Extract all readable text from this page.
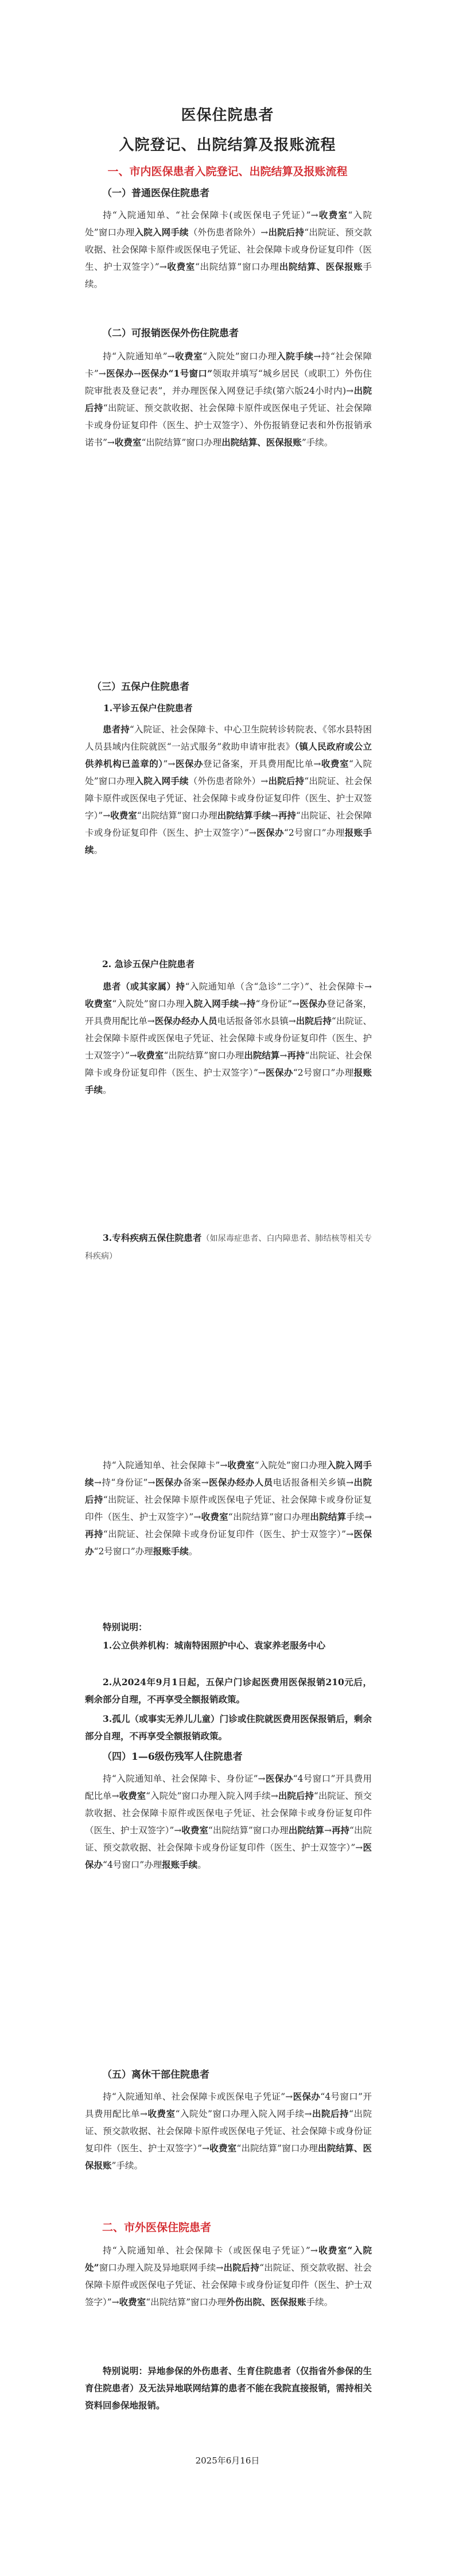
医保住院患者
入院登记、出院结算及报账流程
一、市内医保患者入院登记、出院结算及报账流程
（一）普通医保住院患者
持“入院通知单、“社会保障卡(或医保电子凭证）”→收费室“入院处”窗口办理入院入网手续（外伤患者除外）→出院后持“出院证、预交款收据、社会保障卡原件或医保电子凭证、社会保障卡或身份证复印件（医生、护士双签字）”→收费室“出院结算”窗口办理出院结算、医保报账手续。
（二）可报销医保外伤住院患者
持“入院通知单”→收费室“入院处”窗口办理入院手续→持“社会保障卡”→医保办→医保办“1号窗口”领取并填写“城乡居民（或职工）外伤住院审批表及登记表”，并办理医保入网登记手续(第六版24小时内)→出院后持“出院证、预交款收据、社会保障卡原件或医保电子凭证、社会保障卡或身份证复印件（医生、护士双签字）、外伤报销登记表和外伤报销承诺书”→收费室“出院结算”窗口办理出院结算、医保报账”手续。
（三）五保户住院患者
1.平诊五保户住院患者
患者持“入院证、社会保障卡、中心卫生院转诊转院表、《邻水县特困人员县域内住院就医“一站式服务”救助申请审批表》（镇人民政府或公立供养机构已盖章的）”→医保办登记备案，开具费用配比单→收费室“入院处”窗口办理入院入网手续（外伤患者除外）→出院后持“出院证、社会保障卡原件或医保电子凭证、社会保障卡或身份证复印件（医生、护士双签字）”→收费室“出院结算”窗口办理出院结算手续→再持“出院证、社会保障卡或身份证复印件（医生、护士双签字）”→医保办“2号窗口”办理报账手续。
2. 急诊五保户住院患者
患者（或其家属）持“入院通知单（含“急诊”二字）”、社会保障卡→收费室“入院处”窗口办理入院入网手续→持“身份证”→医保办登记备案，开具费用配比单→医保办经办人员电话报备邻水县镇→出院后持“出院证、社会保障卡原件或医保电子凭证、社会保障卡或身份证复印件（医生、护士双签字）”→收费室“出院结算”窗口办理出院结算→再持“出院证、社会保障卡或身份证复印件（医生、护士双签字）”→医保办“2号窗口”办理报账手续。
3.专科疾病五保住院患者（如尿毒症患者、白内障患者、肺结核等相关专科疾病）
持“入院通知单、社会保障卡”→收费室“入院处”窗口办理入院入网手续→持“身份证”→医保办备案→医保办经办人员电话报备相关乡镇→出院后持“出院证、社会保障卡原件或医保电子凭证、社会保障卡或身份证复印件（医生、护士双签字）”→收费室“出院结算”窗口办理出院结算手续→再持“出院证、社会保障卡或身份证复印件（医生、护士双签字）”→医保办“2号窗口”办理报账手续。
特别说明：
1.公立供养机构：城南特困照护中心、袁家养老服务中心
2.从2024年9月1日起，五保户门诊起医费用医保报销210元后，剩余部分自理，不再享受全额报销政策。
3.孤儿（或事实无养儿儿童）门诊或住院就医费用医保报销后，剩余部分自理，不再享受全额报销政策。
（四）1—6级伤残军人住院患者
持“入院通知单、社会保障卡、身份证”→医保办“4号窗口”开具费用配比单→收费室“入院处”窗口办理入院入网手续→出院后持“出院证、预交款收据、社会保障卡原件或医保电子凭证、社会保障卡或身份证复印件（医生、护士双签字）”→收费室“出院结算”窗口办理出院结算→再持“出院证、预交款收据、社会保障卡或身份证复印件（医生、护士双签字）”→医保办“4号窗口”办理报账手续。
（五）离休干部住院患者
持“入院通知单、社会保障卡或医保电子凭证”→医保办“4号窗口”开具费用配比单→收费室“入院处”窗口办理入院入网手续→出院后持“出院证、预交款收据、社会保障卡原件或医保电子凭证、社会保障卡或身份证复印件（医生、护士双签字）”→收费室“出院结算”窗口办理出院结算、医保报账”手续。
二、市外医保住院患者
持“入院通知单、社会保障卡（或医保电子凭证）”→收费室“入院处”窗口办理入院及异地联网手续→出院后持“出院证、预交款收据、社会保障卡原件或医保电子凭证、社会保障卡或身份证复印件（医生、护士双签字）”→收费室“出院结算”窗口办理外伤出院、医保报账手续。
特别说明：异地参保的外伤患者、生育住院患者（仅指省外参保的生育住院患者）及无法异地联网结算的患者不能在我院直接报销，需持相关资料回参保地报销。
2025年6月16日
